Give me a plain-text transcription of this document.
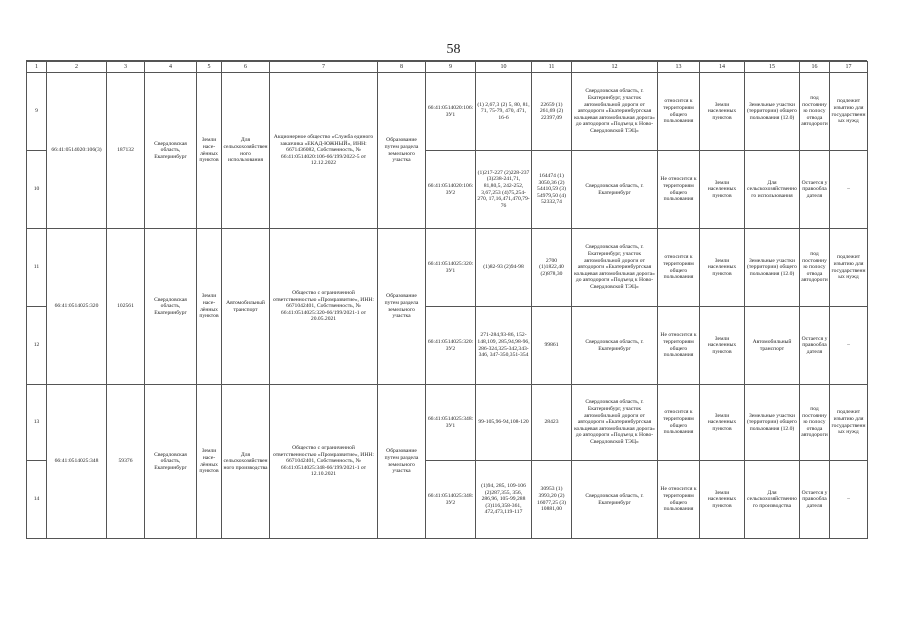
58
1	2	3	4	5	6	7	8	9	10	11	12	13	14	15	16	17
9	66:41:0514020:106(3)	187132	Свердловская область, Екатеринбург	Земли насе-лённых пунктов	Для сельскохозяйственного использования	Акционерное общество «Служба единого заказчика «ЕКАД-ЮЖНЫЙ», ИНН: 6671436082, Собственность, № 66:41:0514020:106-66/199/2022-5 от 12.12.2022	Образование путем раздела земельного участка	66:41:0514020:106:ЗУ1	(1) 2,67,3 (2) 5, 80, 81, 71, 75-79, 470, 471, 16-6	22659 (1) 261,69 (2) 22397,09	Свердловская область, г. Екатеринбург, участок автомобильной дороги от автодороги «Екатеринбургская кольцевая автомобильная дорога» до автодороги «Подъезд к Ново-Свердловской ТЭЦ»	относится к территориям общего пользования	Земли населенных пунктов	Земельные участки (территории) общего пользования (12.0)	под постоянную полосу отвода автодороги	подлежит изъятию для государственных нужд
10								66:41:0514020:106:ЗУ2	(1)217-227 (2)228-237 (3)238-241,71, 81,80,5, 242-252, 3,67,253 (4)75,254-270, 17,16,471,470,79-76	164474 (1) 3050,36 (2) 54410,59 (3) 54979,50 (4) 52332,74	Свердловская область, г. Екатеринбург	Не относится к территориям общего пользования	Земли населенных пунктов	Для сельскохозяйственного использования	Остается у правообладателя	–
11	66:41:0514025:320	102561	Свердловская область, Екатеринбург	Земли насе-лённых пунктов	Автомобильный транспорт	Общество с ограниченной ответственностью «Промразвитие», ИНН: 6671042401, Собственность, № 66:41:0514025:320-66/199/2021-1 от 20.05.2021	Образование путем раздела земельного участка	66:41:0514025:320:ЗУ1	(1)82-93 (2)94-98	2700 (1)1822,40 (2)878,30	Свердловская область, г. Екатеринбург, участок автомобильной дороги от автодороги «Екатеринбургская кольцевая автомобильная дорога» до автодороги «Подъезд к Ново-Свердловской ТЭЦ»	относится к территориям общего пользования	Земли населенных пунктов	Земельные участки (территории) общего пользования (12.0)	под постоянную полосу отвода автодороги	подлежит изъятию для государственных нужд
12								66:41:0514025:320:ЗУ2	271-284,93-86, 152-148,109, 285,94,98-96, 286-324,325-342,343-346, 347-350,351-354	99861	Свердловская область, г. Екатеринбург	Не относится к территориям общего пользования	Земли населенных пунктов	Автомобильный транспорт	Остается у правообладателя	–
13	66:41:0514025:348	59376	Свердловская область, Екатеринбург	Земли насе-лённых пунктов	Для сельскохозяйственного производства	Общество с ограниченной ответственностью «Промразвитие», ИНН: 6671042401, Собственность, № 66:41:0514025:348-66/199/2021-1 от 12.10.2021	Образование путем раздела земельного участка	66:41:0514025:348:ЗУ1	99-105,96-94,108-120	28423	Свердловская область, г. Екатеринбург, участок автомобильной дороги от автодороги «Екатеринбургская кольцевая автомобильная дорога» до автодороги «Подъезд к Ново-Свердловской ТЭЦ»	относится к территориям общего пользования	Земли населенных пунктов	Земельные участки (территории) общего пользования (12.0)	под постоянную полосу отвода автодороги	подлежит изъятию для государственных нужд
14								66:41:0514025:348:ЗУ2	(1)94, 285, 109-106 (2)287,355, 356, 286,96, 105-99,288 (3)116,358-361, 472,473,119-117	30953 (1) 3993,20 (2) 16077,25 (3) 10881,00	Свердловская область, г. Екатеринбург	Не относится к территориям общего пользования	Земли населенных пунктов	Для сельскохозяйственного производства	Остается у правообладателя	–
